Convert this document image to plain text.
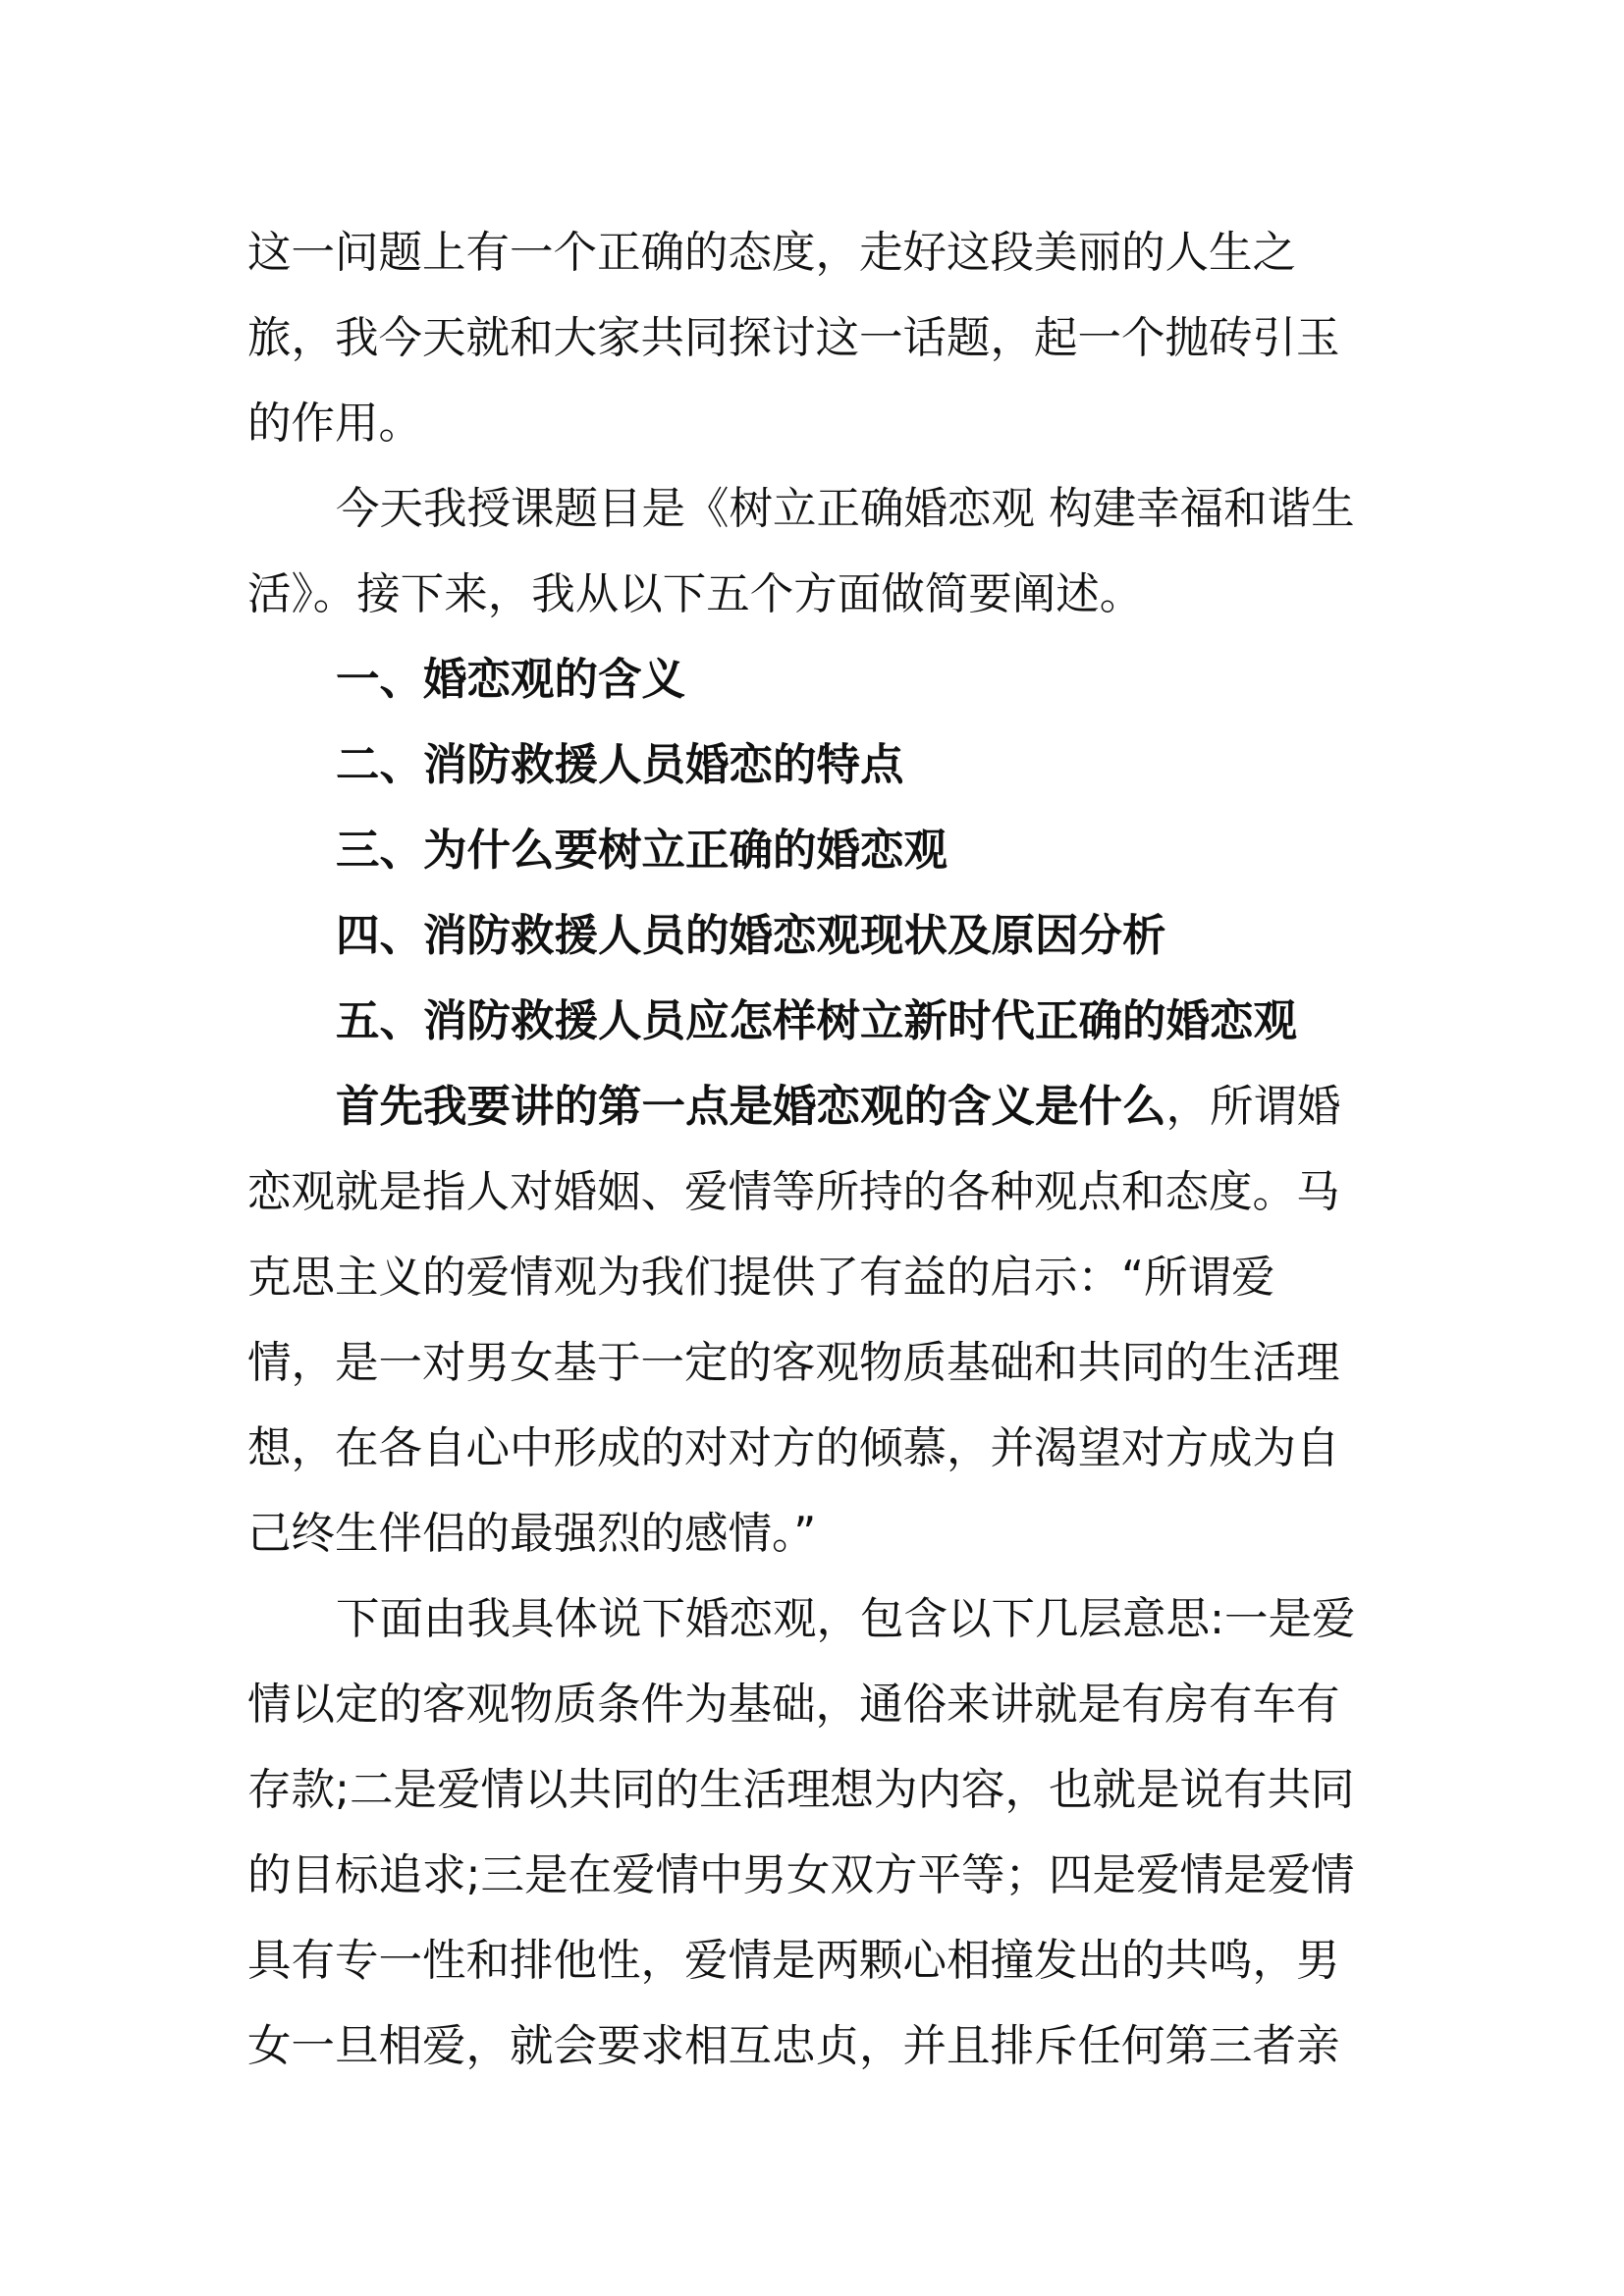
这一问题上有一个正确的态度，走好这段美丽的人生之
旅，我今天就和大家共同探讨这一话题，起一个抛砖引玉
的作用。
今天我授课题目是《树立正确婚恋观 构建幸福和谐生
活》。接下来，我从以下五个方面做简要阐述。
一、婚恋观的含义
二、消防救援人员婚恋的特点
三、为什么要树立正确的婚恋观
四、消防救援人员的婚恋观现状及原因分析
五、消防救援人员应怎样树立新时代正确的婚恋观
首先我要讲的第一点是婚恋观的含义是什么，所谓婚
恋观就是指人对婚姻、爱情等所持的各种观点和态度。马
克思主义的爱情观为我们提供了有益的启示：“所谓爱
情，是一对男女基于一定的客观物质基础和共同的生活理
想，在各自心中形成的对对方的倾慕，并渴望对方成为自
己终生伴侣的最强烈的感情。”
下面由我具体说下婚恋观，包含以下几层意思:一是爱
情以定的客观物质条件为基础，通俗来讲就是有房有车有
存款;二是爱情以共同的生活理想为内容，也就是说有共同
的目标追求;三是在爱情中男女双方平等；四是爱情是爱情
具有专一性和排他性，爱情是两颗心相撞发出的共鸣，男
女一旦相爱，就会要求相互忠贞，并且排斥任何第三者亲
